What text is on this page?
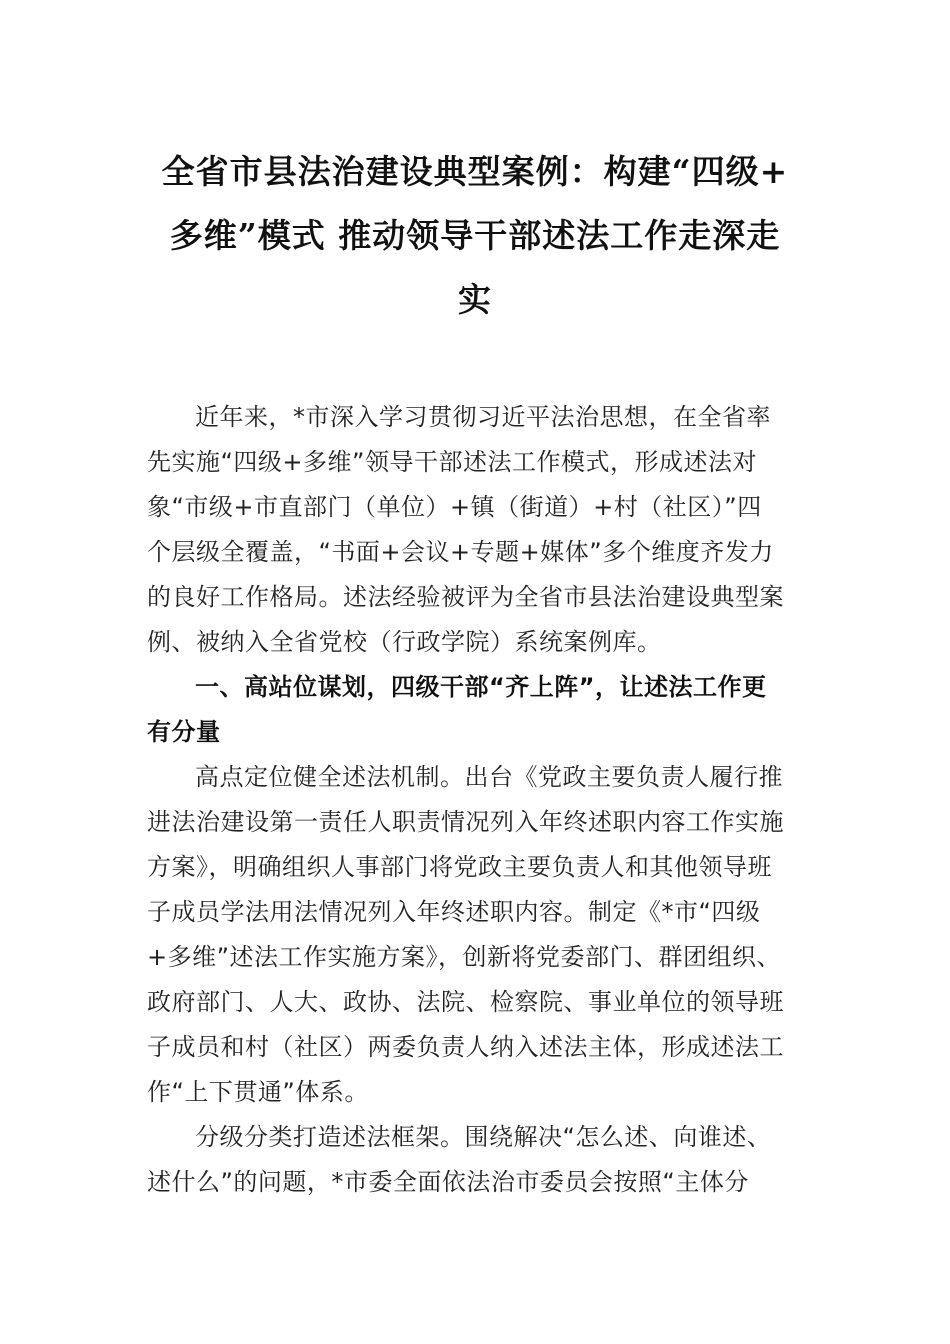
全省市县法治建设典型案例：构建“四级+
多维”模式 推动领导干部述法工作走深走
实
近年来，*市深入学习贯彻习近平法治思想，在全省率
先实施“四级+多维”领导干部述法工作模式，形成述法对
象“市级+市直部门（单位）+镇（街道）+村（社区）”四
个层级全覆盖，“书面+会议+专题+媒体”多个维度齐发力
的良好工作格局。述法经验被评为全省市县法治建设典型案
例、被纳入全省党校（行政学院）系统案例库。
一、高站位谋划，四级干部“齐上阵”，让述法工作更
有分量
高点定位健全述法机制。出台《党政主要负责人履行推
进法治建设第一责任人职责情况列入年终述职内容工作实施
方案》，明确组织人事部门将党政主要负责人和其他领导班
子成员学法用法情况列入年终述职内容。制定《*市“四级
+多维”述法工作实施方案》，创新将党委部门、群团组织、
政府部门、人大、政协、法院、检察院、事业单位的领导班
子成员和村（社区）两委负责人纳入述法主体，形成述法工
作“上下贯通”体系。
分级分类打造述法框架。围绕解决“怎么述、向谁述、
述什么”的问题，*市委全面依法治市委员会按照“主体分
